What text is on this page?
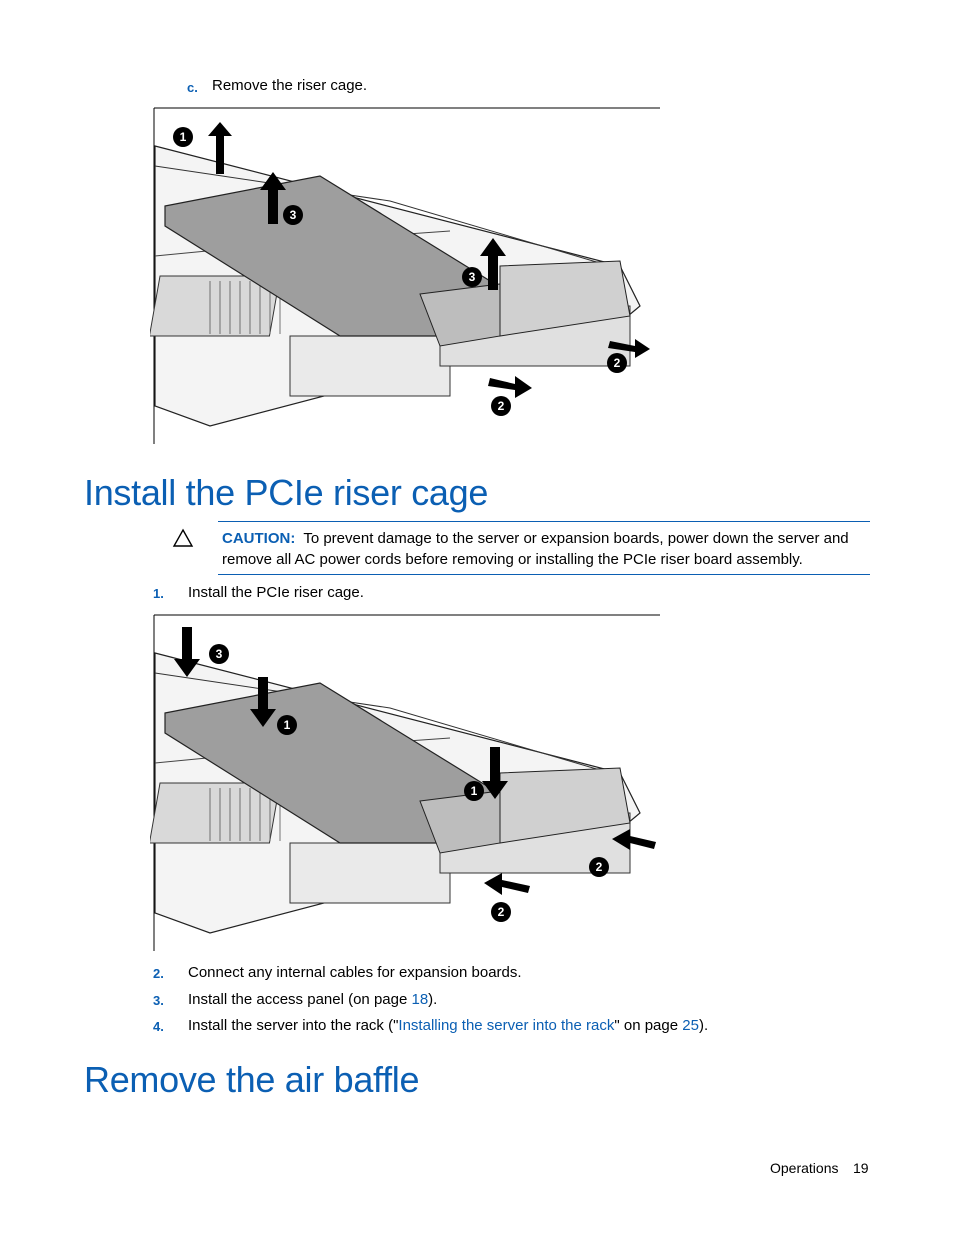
c. Remove the riser cage.
1
3
3
2
2
Install the PCIe riser cage
CAUTION: To prevent damage to the server or expansion boards, power down the server and remove all AC power cords before removing or installing the PCIe riser board assembly.
1. Install the PCIe riser cage.
3
1
1
2
2
2. Connect any internal cables for expansion boards.
3. Install the access panel (on page 18).
4. Install the server into the rack ("Installing the server into the rack" on page 25).
Remove the air baffle
Operations 19
